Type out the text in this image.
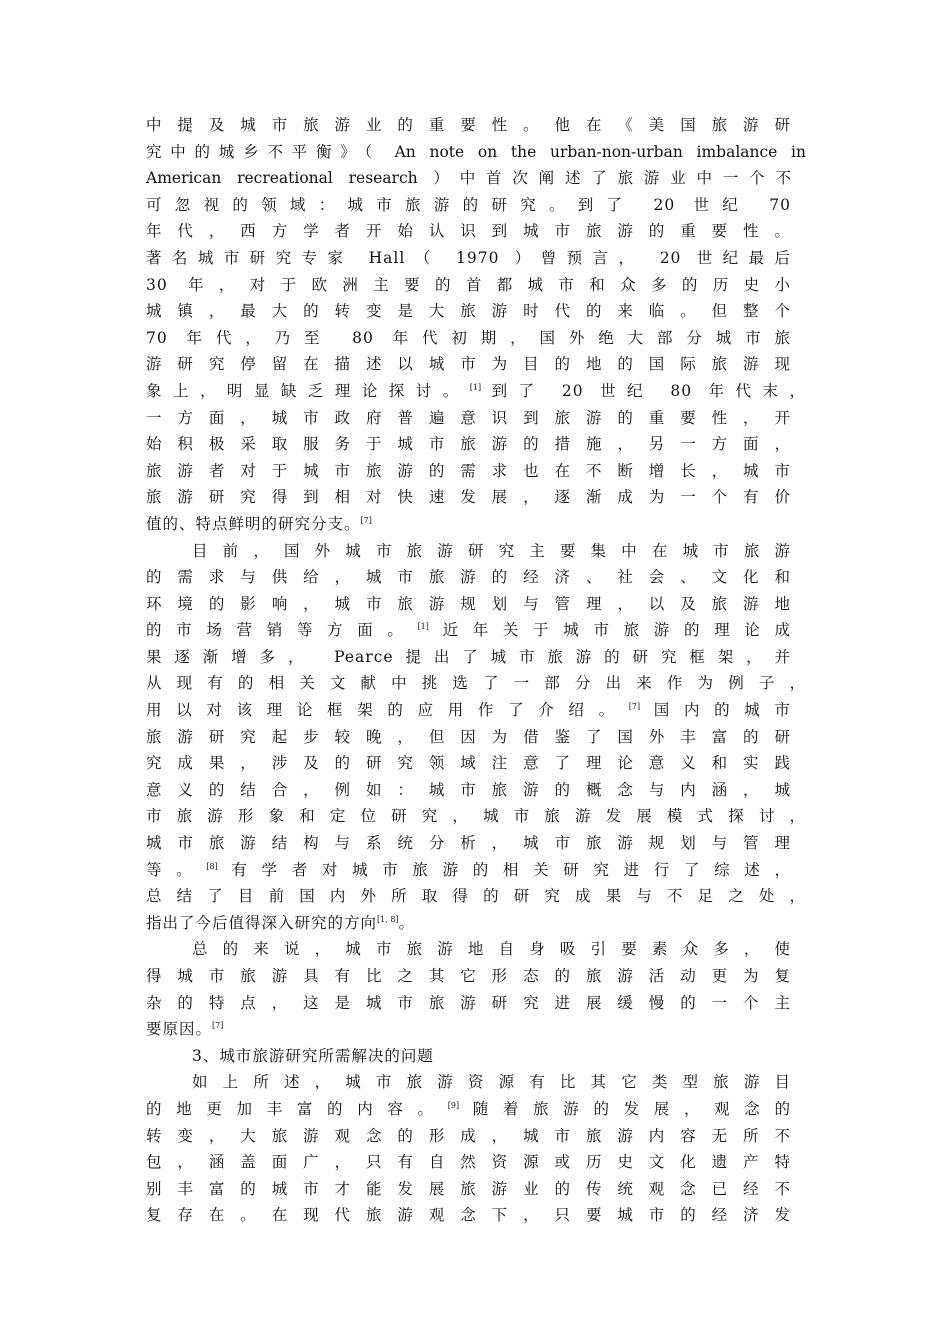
中提及城市旅游业的重要性。他在《美国旅游研
究中的城乡不平衡》（ An note on the urban-non-urban imbalance in
American recreational research ）中首次阐述了旅游业中一个不
可忽视的领域：城市旅游的研究。到了 20 世纪 70
年代，西方学者开始认识到城市旅游的重要性。
著名城市研究专家 Hall（ 1970 ）曾预言， 20 世纪最后
30 年，对于欧洲主要的首都城市和众多的历史小
城镇，最大的转变是大旅游时代的来临。但整个
70 年代，乃至 80 年代初期，国外绝大部分城市旅
游研究停留在描述以城市为目的地的国际旅游现
象上，明显缺乏理论探讨。[1]到了 20 世纪 80 年代末，
一方面，城市政府普遍意识到旅游的重要性，开
始积极采取服务于城市旅游的措施，另一方面，
旅游者对于城市旅游的需求也在不断增长，城市
旅游研究得到相对快速发展，逐渐成为一个有价
值的、特点鲜明的研究分支。[7]
目前，国外城市旅游研究主要集中在城市旅游
的需求与供给，城市旅游的经济、社会、文化和
环境的影响，城市旅游规划与管理，以及旅游地
的市场营销等方面。[1]近年关于城市旅游的理论成
果逐渐增多， Pearce提出了城市旅游的研究框架，并
从现有的相关文献中挑选了一部分出来作为例子，
用以对该理论框架的应用作了介绍。[7]国内的城市
旅游研究起步较晚，但因为借鉴了国外丰富的研
究成果，涉及的研究领域注意了理论意义和实践
意义的结合，例如：城市旅游的概念与内涵，城
市旅游形象和定位研究，城市旅游发展模式探讨，
城市旅游结构与系统分析，城市旅游规划与管理
等。[8]有学者对城市旅游的相关研究进行了综述，
总结了目前国内外所取得的研究成果与不足之处，
指出了今后值得深入研究的方向[1, 8]。
总的来说，城市旅游地自身吸引要素众多，使
得城市旅游具有比之其它形态的旅游活动更为复
杂的特点，这是城市旅游研究进展缓慢的一个主
要原因。[7]
3、城市旅游研究所需解决的问题
如上所述，城市旅游资源有比其它类型旅游目
的地更加丰富的内容。[9]随着旅游的发展，观念的
转变，大旅游观念的形成，城市旅游内容无所不
包，涵盖面广，只有自然资源或历史文化遗产特
别丰富的城市才能发展旅游业的传统观念已经不
复存在。在现代旅游观念下，只要城市的经济发
